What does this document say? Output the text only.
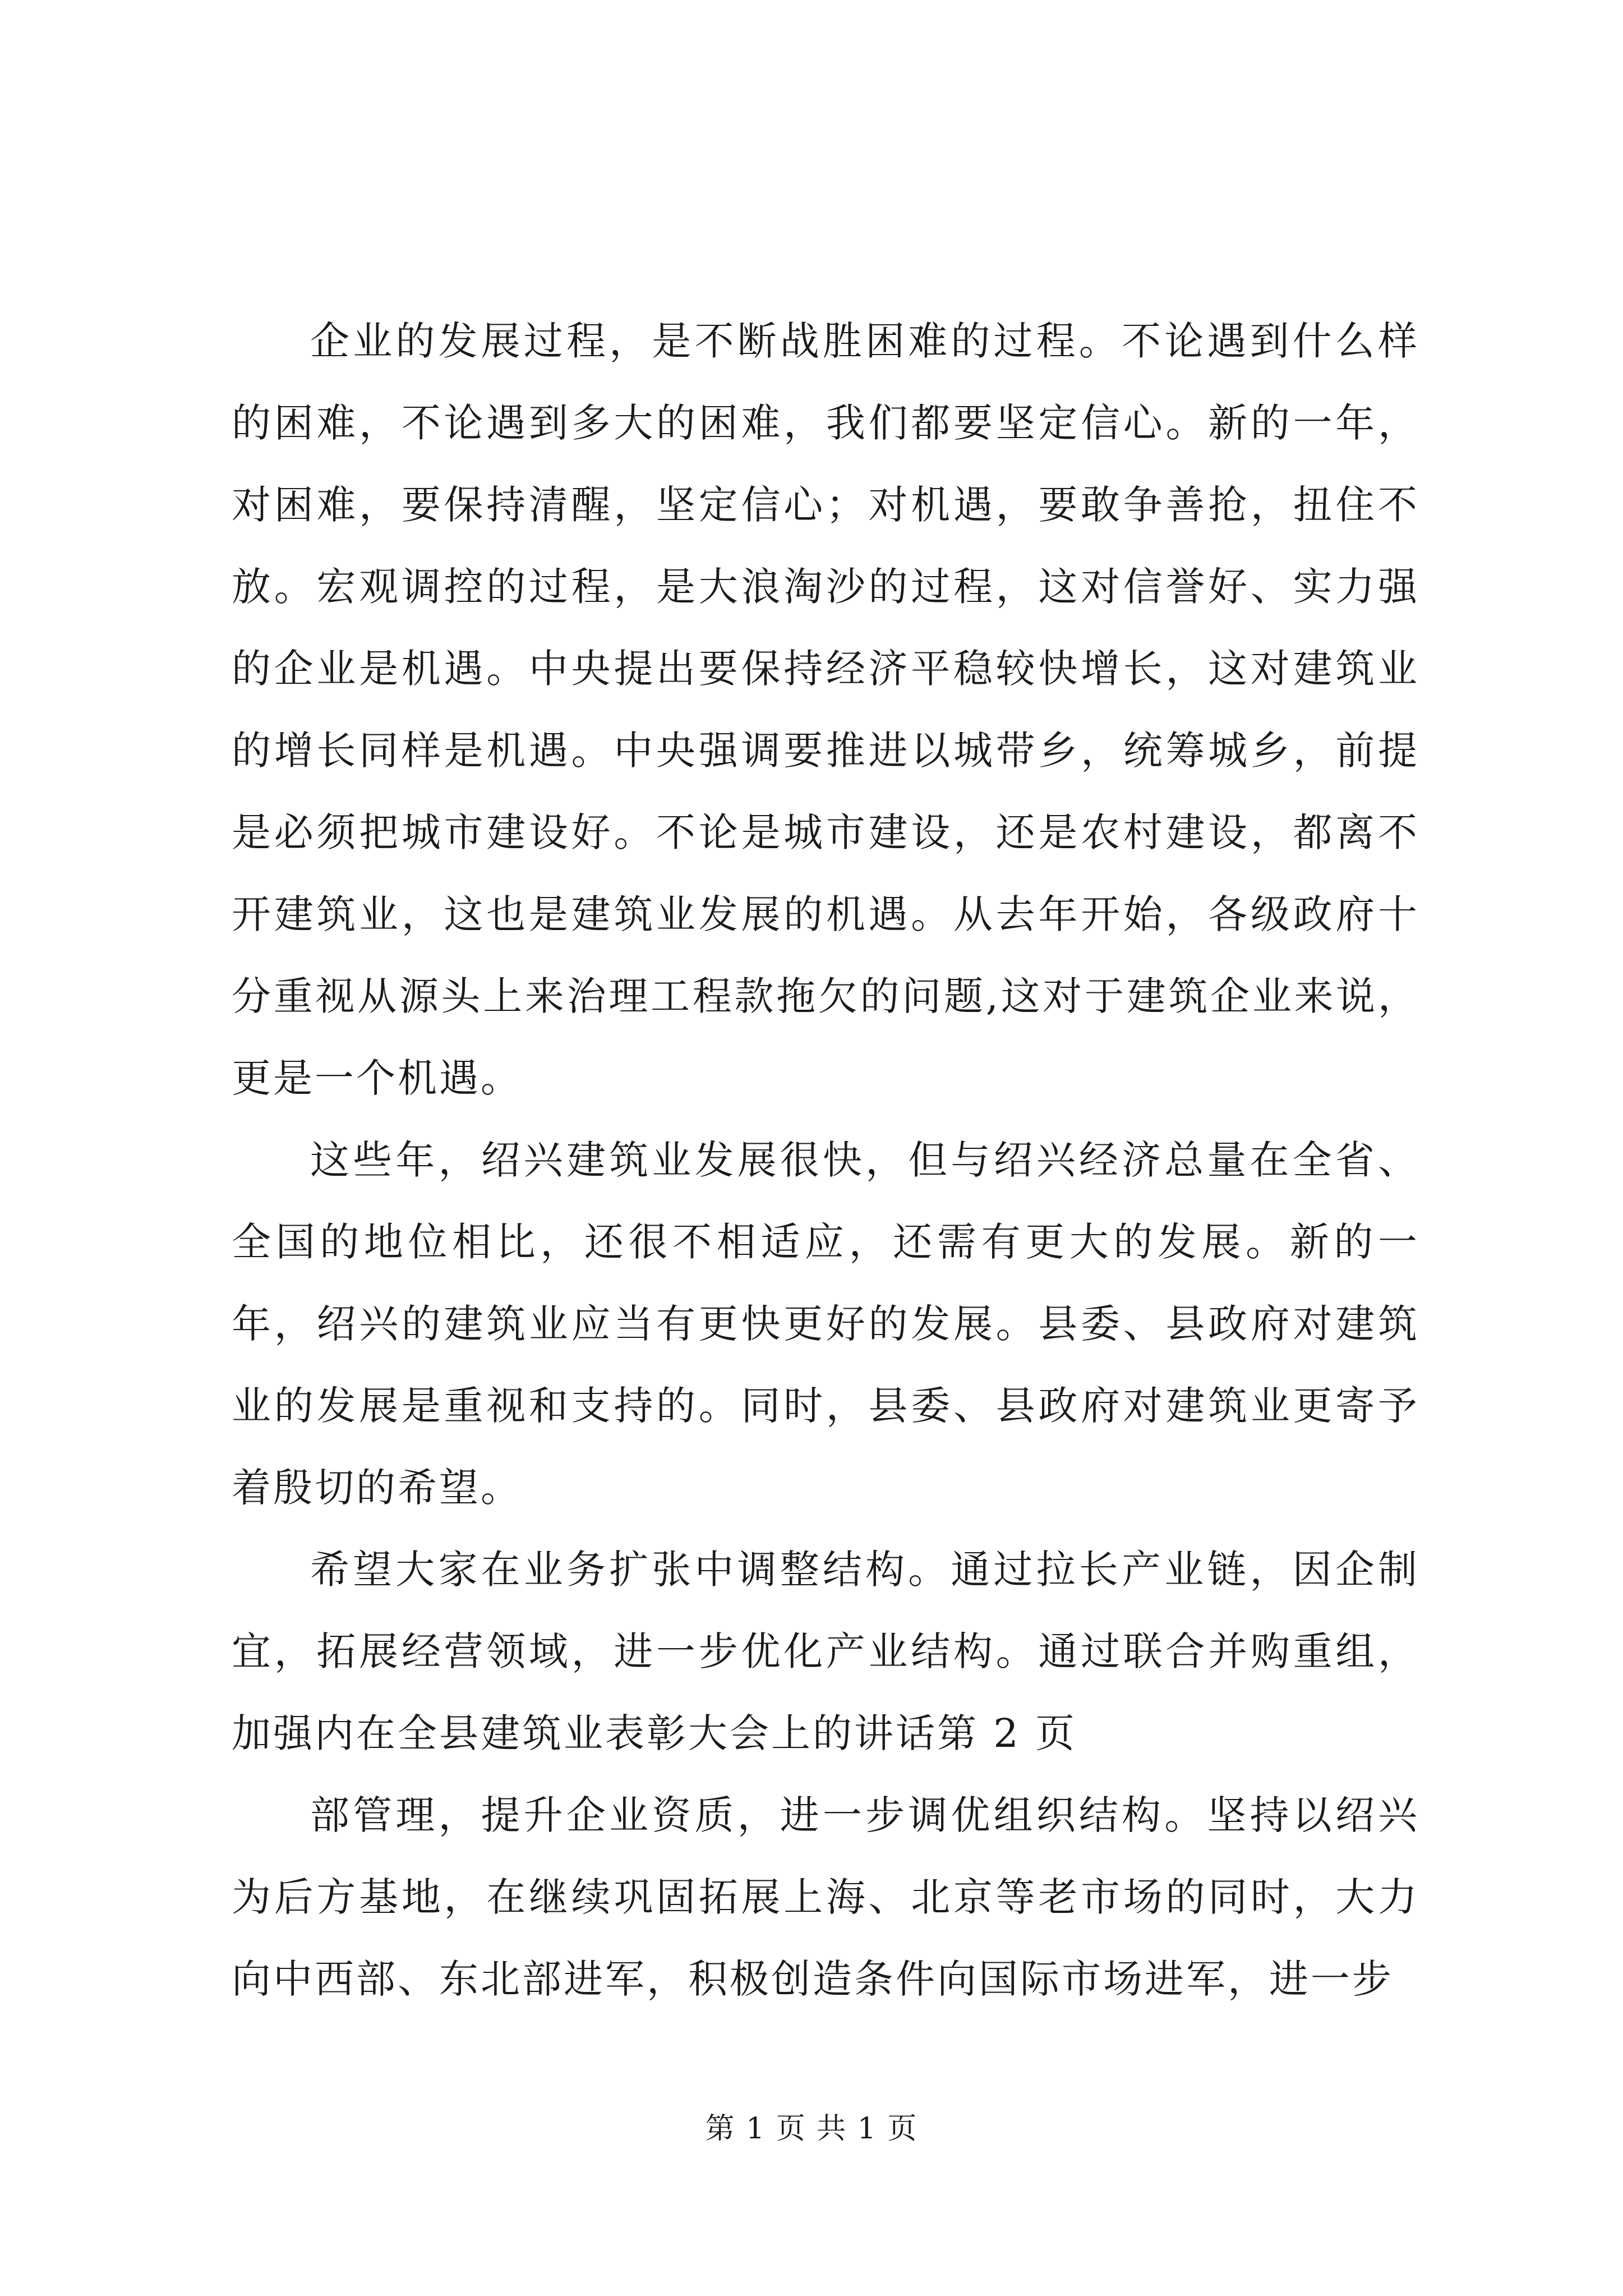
企业的发展过程，是不断战胜困难的过程。不论遇到什么样的困难，不论遇到多大的困难，我们都要坚定信心。新的一年，对困难，要保持清醒，坚定信心；对机遇，要敢争善抢，扭住不放。宏观调控的过程，是大浪淘沙的过程，这对信誉好、实力强的企业是机遇。中央提出要保持经济平稳较快增长，这对建筑业的增长同样是机遇。中央强调要推进以城带乡，统筹城乡，前提是必须把城市建设好。不论是城市建设，还是农村建设，都离不开建筑业，这也是建筑业发展的机遇。从去年开始，各级政府十分重视从源头上来治理工程款拖欠的问题,这对于建筑企业来说，更是一个机遇。

这些年，绍兴建筑业发展很快，但与绍兴经济总量在全省、全国的地位相比，还很不相适应，还需有更大的发展。新的一年，绍兴的建筑业应当有更快更好的发展。县委、县政府对建筑业的发展是重视和支持的。同时，县委、县政府对建筑业更寄予着殷切的希望。

希望大家在业务扩张中调整结构。通过拉长产业链，因企制宜，拓展经营领域，进一步优化产业结构。通过联合并购重组，加强内在全县建筑业表彰大会上的讲话第 2 页

部管理，提升企业资质，进一步调优组织结构。坚持以绍兴为后方基地，在继续巩固拓展上海、北京等老市场的同时，大力向中西部、东北部进军，积极创造条件向国际市场进军，进一步

第 1 页 共 1 页
